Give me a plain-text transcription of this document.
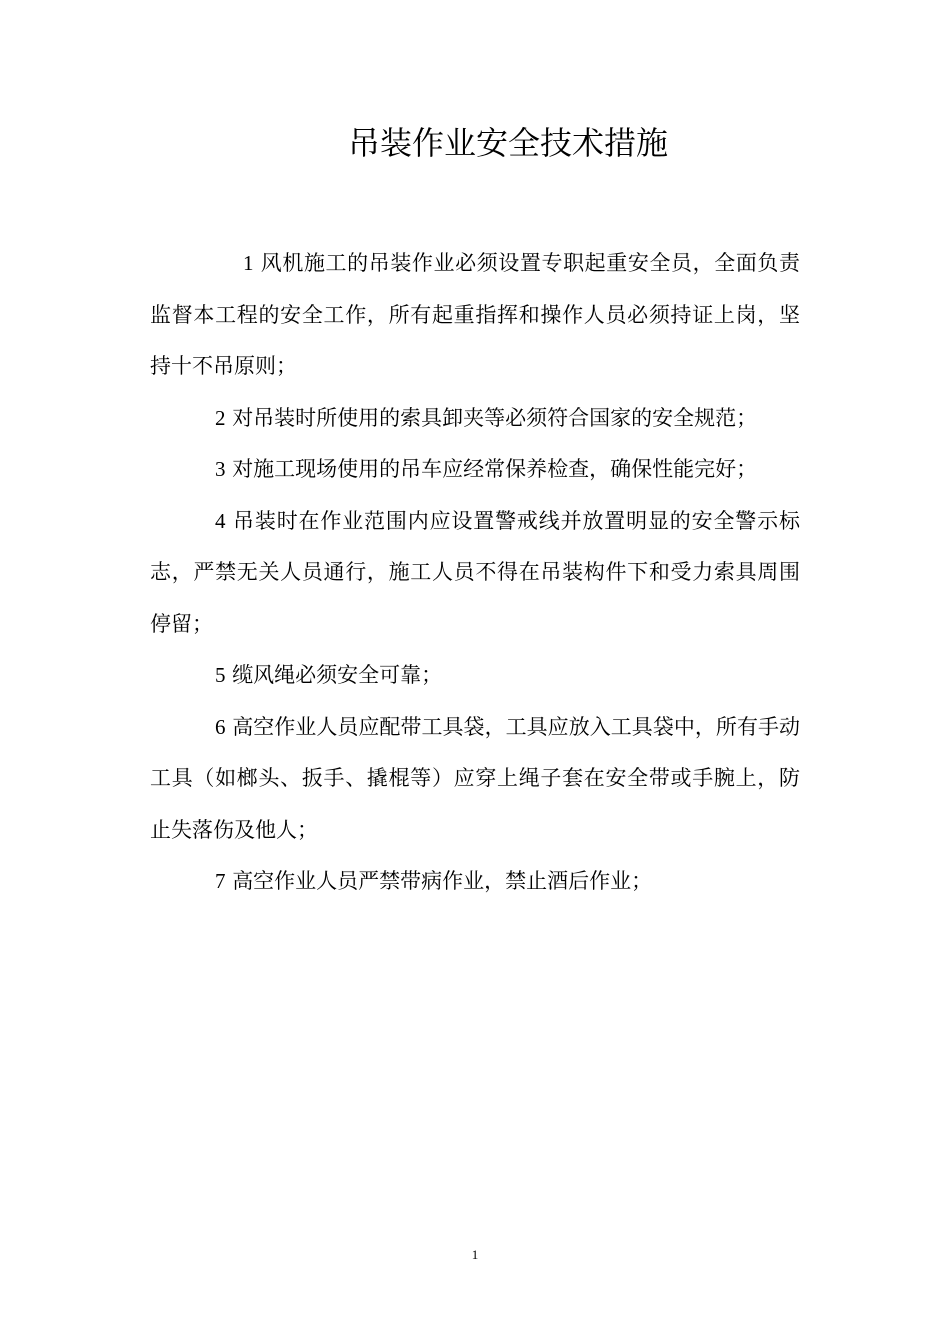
吊装作业安全技术措施

1 风机施工的吊装作业必须设置专职起重安全员，全面负责监督本工程的安全工作，所有起重指挥和操作人员必须持证上岗，坚持十不吊原则；

2 对吊装时所使用的索具卸夹等必须符合国家的安全规范；

3 对施工现场使用的吊车应经常保养检查，确保性能完好；

4 吊装时在作业范围内应设置警戒线并放置明显的安全警示标志，严禁无关人员通行，施工人员不得在吊装构件下和受力索具周围停留；

5 缆风绳必须安全可靠；

6 高空作业人员应配带工具袋，工具应放入工具袋中，所有手动工具（如榔头、扳手、撬棍等）应穿上绳子套在安全带或手腕上，防止失落伤及他人；

7 高空作业人员严禁带病作业，禁止酒后作业；

1
